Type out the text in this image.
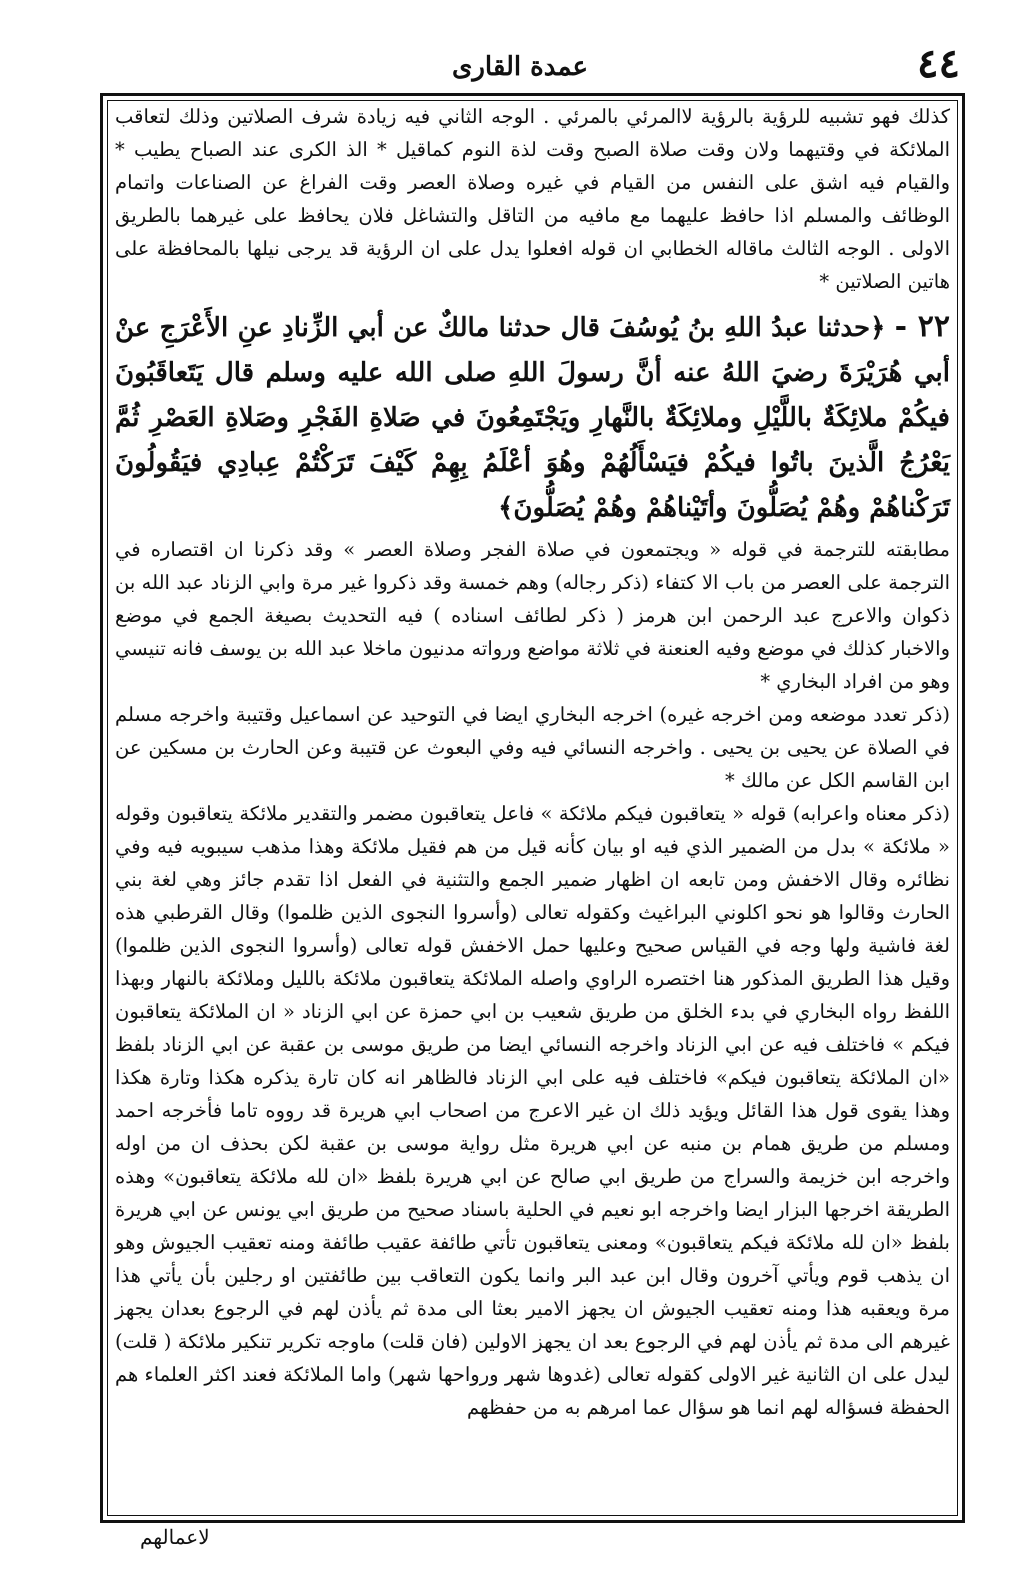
٤٤
عمدة القارى

كذلك فهو تشبيه للرؤية بالرؤية لاالمرئي بالمرئي . الوجه الثاني فيه زيادة شرف الصلاتين وذلك لتعاقب الملائكة في وقتيهما ولان وقت صلاة الصبح وقت لذة النوم كماقيل * الذ الكرى عند الصباح يطيب * والقيام فيه اشق على النفس من القيام في غيره وصلاة العصر وقت الفراغ عن الصناعات واتمام الوظائف والمسلم اذا حافظ عليهما مع مافيه من التاقل والتشاغل فلان يحافظ على غيرهما بالطريق الاولى . الوجه الثالث ماقاله الخطابي ان قوله افعلوا يدل على ان الرؤية قد يرجى نيلها بالمحافظة على هاتين الصلاتين *

٢٢ - ﴿حدثنا عبدُ اللهِ بنُ يُوسُفَ قال حدثنا مالكٌ عن أبي الزِّنادِ عنِ الأَعْرَجِ عنْ أبي هُرَيْرَةَ رضيَ اللهُ عنه أنَّ رسولَ اللهِ صلى الله عليه وسلم قال يَتَعاقَبُونَ فيكُمْ ملائِكَةٌ باللَّيْلِ وملائِكَةٌ بالنَّهارِ ويَجْتَمِعُونَ في صَلاةِ الفَجْرِ وصَلاةِ العَصْرِ ثُمَّ يَعْرُجُ الَّذينَ باتُوا فيكُمْ فيَسْأَلُهُمْ وهُوَ أعْلَمُ بِهِمْ كَيْفَ تَرَكْتُمْ عِبادِي فيَقُولُونَ تَرَكْناهُمْ وهُمْ يُصَلُّونَ وأتَيْناهُمْ وهُمْ يُصَلُّونَ﴾

مطابقته للترجمة في قوله « ويجتمعون في صلاة الفجر وصلاة العصر » وقد ذكرنا ان اقتصاره في الترجمة على العصر من باب الا كتفاء (ذكر رجاله) وهم خمسة وقد ذكروا غير مرة وابي الزناد عبد الله بن ذكوان والاعرج عبد الرحمن ابن هرمز ( ذكر لطائف اسناده ) فيه التحديث بصيغة الجمع في موضع والاخبار كذلك في موضع وفيه العنعنة في ثلاثة مواضع ورواته مدنيون ماخلا عبد الله بن يوسف فانه تنيسي وهو من افراد البخاري *

(ذكر تعدد موضعه ومن اخرجه غيره) اخرجه البخاري ايضا في التوحيد عن اسماعيل وقتيبة واخرجه مسلم في الصلاة عن يحيى بن يحيى . واخرجه النسائي فيه وفي البعوث عن قتيبة وعن الحارث بن مسكين عن ابن القاسم الكل عن مالك *

(ذكر معناه واعرابه) قوله « يتعاقبون فيكم ملائكة » فاعل يتعاقبون مضمر والتقدير ملائكة يتعاقبون وقوله « ملائكة » بدل من الضمير الذي فيه او بيان كأنه قيل من هم فقيل ملائكة وهذا مذهب سيبويه فيه وفي نظائره وقال الاخفش ومن تابعه ان اظهار ضمير الجمع والتثنية في الفعل اذا تقدم جائز وهي لغة بني الحارث وقالوا هو نحو اكلوني البراغيث وكقوله تعالى (وأسروا النجوى الذين ظلموا) وقال القرطبي هذه لغة فاشية ولها وجه في القياس صحيح وعليها حمل الاخفش قوله تعالى (وأسروا النجوى الذين ظلموا) وقيل هذا الطريق المذكور هنا اختصره الراوي واصله الملائكة يتعاقبون ملائكة بالليل وملائكة بالنهار وبهذا اللفظ رواه البخاري في بدء الخلق من طريق شعيب بن ابي حمزة عن ابي الزناد « ان الملائكة يتعاقبون فيكم » فاختلف فيه عن ابي الزناد واخرجه النسائي ايضا من طريق موسى بن عقبة عن ابي الزناد بلفظ «ان الملائكة يتعاقبون فيكم» فاختلف فيه على ابي الزناد فالظاهر انه كان تارة يذكره هكذا وتارة هكذا وهذا يقوى قول هذا القائل ويؤيد ذلك ان غير الاعرج من اصحاب ابي هريرة قد رووه تاما فأخرجه احمد ومسلم من طريق همام بن منبه عن ابي هريرة مثل رواية موسى بن عقبة لكن بحذف ان من اوله واخرجه ابن خزيمة والسراج من طريق ابي صالح عن ابي هريرة بلفظ «ان لله ملائكة يتعاقبون» وهذه الطريقة اخرجها البزار ايضا واخرجه ابو نعيم في الحلية باسناد صحيح من طريق ابي يونس عن ابي هريرة بلفظ «ان لله ملائكة فيكم يتعاقبون» ومعنى يتعاقبون تأتي طائفة عقيب طائفة ومنه تعقيب الجيوش وهو ان يذهب قوم ويأتي آخرون وقال ابن عبد البر وانما يكون التعاقب بين طائفتين او رجلين بأن يأتي هذا مرة ويعقبه هذا ومنه تعقيب الجيوش ان يجهز الامير بعثا الى مدة ثم يأذن لهم في الرجوع بعدان يجهز غيرهم الى مدة ثم يأذن لهم في الرجوع بعد ان يجهز الاولين (فان قلت) ماوجه تكرير تنكير ملائكة ( قلت) ليدل على ان الثانية غير الاولى كقوله تعالى (غدوها شهر ورواحها شهر) واما الملائكة فعند اكثر العلماء هم الحفظة فسؤاله لهم انما هو سؤال عما امرهم به من حفظهم

لاعمالهم
